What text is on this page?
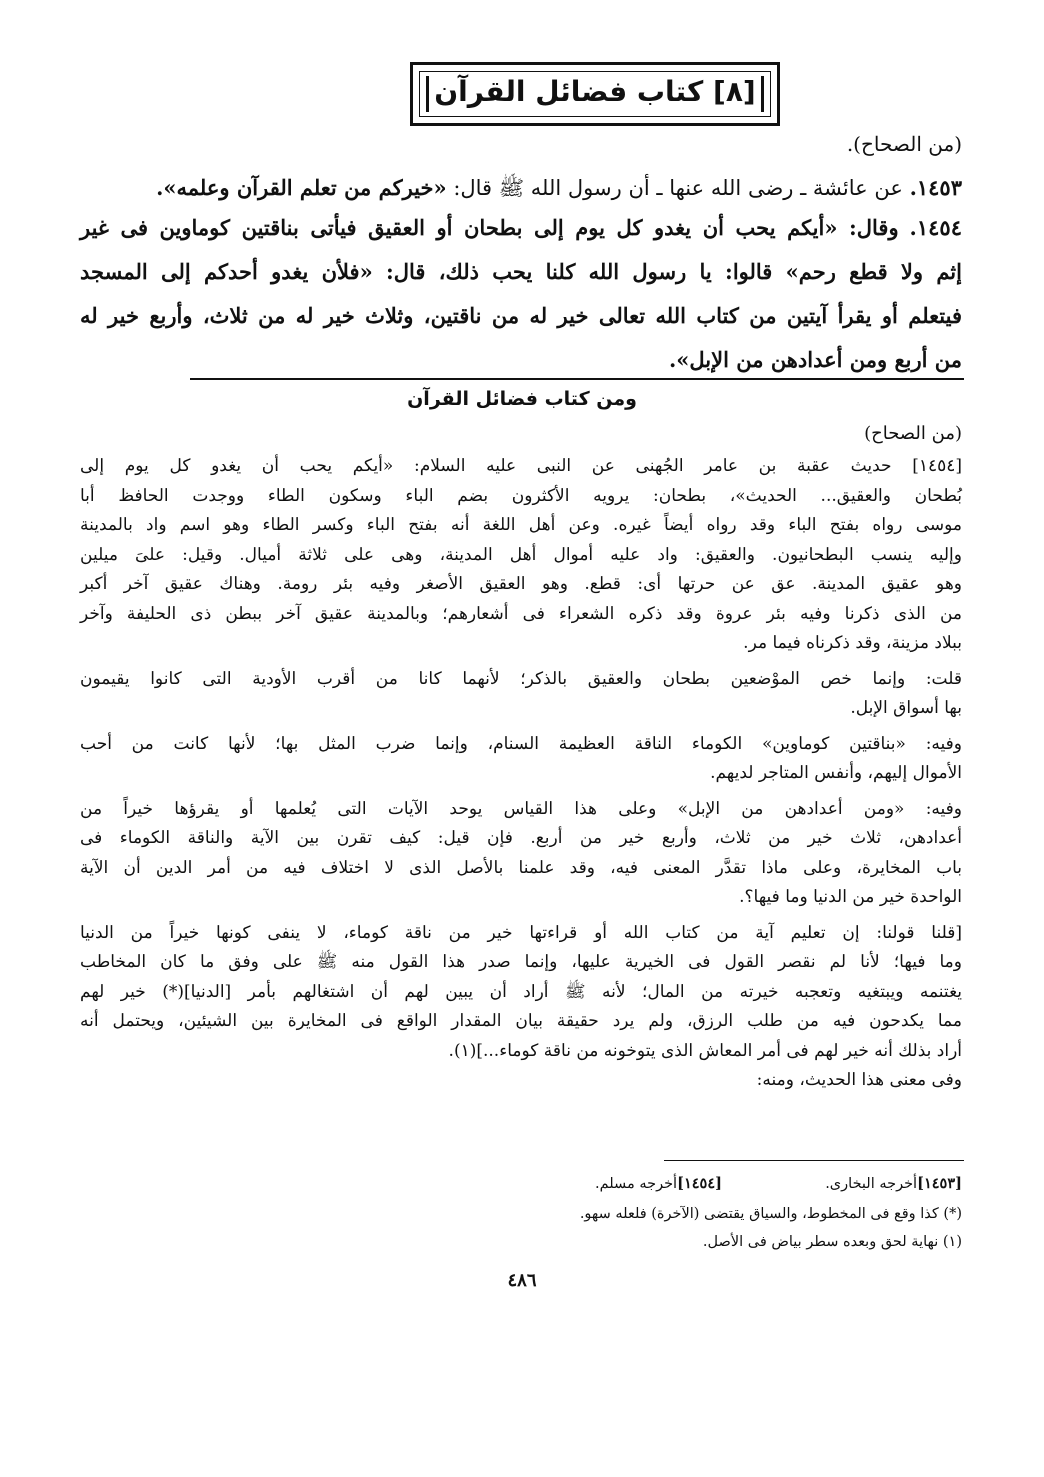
[٨] كتاب فضائل القرآن
(من الصحاح).
١٤٥٣. عن عائشة ـ رضى الله عنها ـ أن رسول الله ﷺ قال: «خيركم من تعلم القرآن وعلمه».
١٤٥٤. وقال: «أيكم يحب أن يغدو كل يوم إلى بطحان أو العقيق فيأتى بناقتين كوماوين فى غير
إثم ولا قطع رحم» قالوا: يا رسول الله كلنا يحب ذلك، قال: «فلأن يغدو أحدكم إلى المسجد
فيتعلم أو يقرأ آيتين من كتاب الله تعالى خير له من ناقتين، وثلاث خير له من ثلاث، وأربع خير له
من أربع ومن أعدادهن من الإبل».
ومن كتاب فضائل القرآن
(من الصحاح)
[١٤٥٤] حديث عقبة بن عامر الجُهنى عن النبى عليه السلام: «أيكم يحب أن يغدو كل يوم إلى
بُطحان والعقيق... الحديث»، بطحان: يرويه الأكثرون بضم الباء وسكون الطاء ووجدت الحافظ أبا
موسى رواه بفتح الباء وقد رواه أيضاً غيره. وعن أهل اللغة أنه بفتح الباء وكسر الطاء وهو اسم واد بالمدينة
وإليه ينسب البطحانيون. والعقيق: واد عليه أموال أهل المدينة، وهى على ثلاثة أميال. وقيل: علىَ ميلين
وهو عقيق المدينة. عق عن حرتها أى: قطع. وهو العقيق الأصغر وفيه بئر رومة. وهناك عقيق آخر أكبر
من الذى ذكرنا وفيه بئر عروة وقد ذكره الشعراء فى أشعارهم؛ وبالمدينة عقيق آخر ببطن ذى الحليفة وآخر
ببلاد مزينة، وقد ذكرناه فيما مر.
قلت: وإنما خص الموْضعين بطحان والعقيق بالذكر؛ لأنهما كانا من أقرب الأودية التى كانوا يقيمون
بها أسواق الإبل.
وفيه: «بناقتين كوماوين» الكوماء الناقة العظيمة السنام، وإنما ضرب المثل بها؛ لأنها كانت من أحب
الأموال إليهم، وأنفس المتاجر لديهم.
وفيه: «ومن أعدادهن من الإبل» وعلى هذا القياس يوحد الآيات التى يُعلمها أو يقرؤها خيراً من
أعدادهن، ثلاث خير من ثلاث، وأربع خير من أربع. فإن قيل: كيف تقرن بين الآية والناقة الكوماء فى
باب المخايرة، وعلى ماذا تقدَّر المعنى فيه، وقد علمنا بالأصل الذى لا اختلاف فيه من أمر الدين أن الآية
الواحدة خير من الدنيا وما فيها؟.
[قلنا قولنا: إن تعليم آية من كتاب الله أو قراءتها خير من ناقة كوماء، لا ينفى كونها خيراً من الدنيا
وما فيها؛ لأنا لم نقصر القول فى الخيرية عليها، وإنما صدر هذا القول منه ﷺ على وفق ما كان المخاطب
يغتنمه ويبتغيه وتعجبه خيرته من المال؛ لأنه ﷺ أراد أن يبين لهم أن اشتغالهم بأمر [الدنيا](*) خير لهم
مما يكدحون فيه من طلب الرزق، ولم يرد حقيقة بيان المقدار الواقع فى المخايرة بين الشيئين، ويحتمل أنه
أراد بذلك أنه خير لهم فى أمر المعاش الذى يتوخونه من ناقة كوماء...](١).
وفى معنى هذا الحديث، ومنه:
[١٤٥٣]أخرجه البخارى.
[١٤٥٤]أخرجه مسلم.
(*) كذا وقع فى المخطوط، والسياق يقتضى (الآخرة) فلعله سهو.
(١) نهاية لحق وبعده سطر بياض فى الأصل.
٤٨٦
